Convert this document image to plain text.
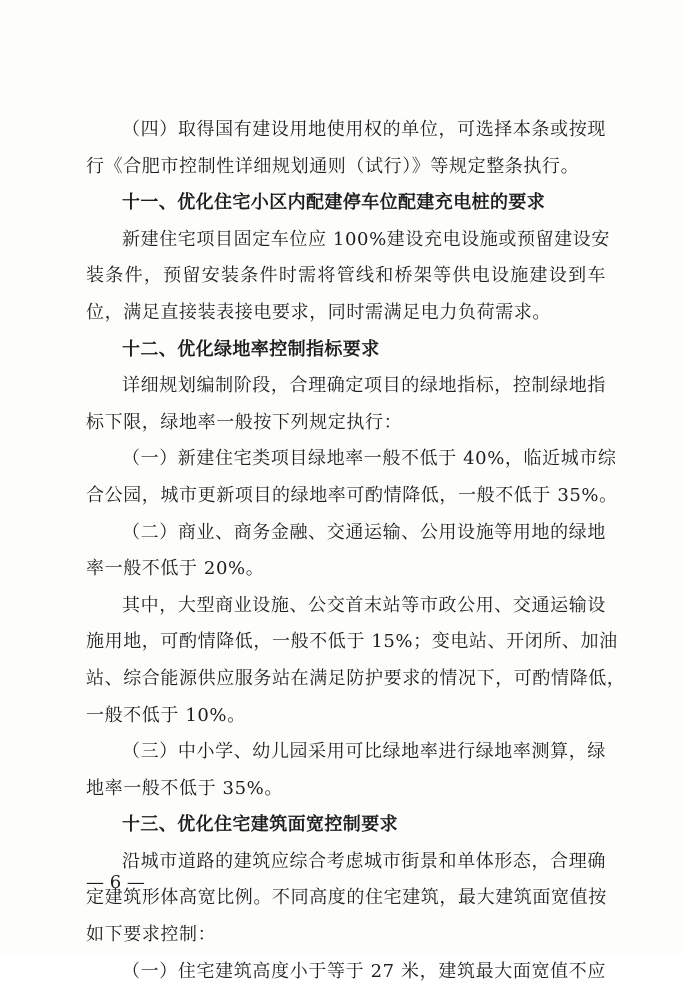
（四）取得国有建设用地使用权的单位，可选择本条或按现
行《合肥市控制性详细规划通则（试行）》等规定整条执行。
十一、优化住宅小区内配建停车位配建充电桩的要求
新建住宅项目固定车位应 100%建设充电设施或预留建设安
装条件，预留安装条件时需将管线和桥架等供电设施建设到车
位，满足直接装表接电要求，同时需满足电力负荷需求。
十二、优化绿地率控制指标要求
详细规划编制阶段，合理确定项目的绿地指标，控制绿地指
标下限，绿地率一般按下列规定执行：
（一）新建住宅类项目绿地率一般不低于 40%，临近城市综
合公园，城市更新项目的绿地率可酌情降低，一般不低于 35%。
（二）商业、商务金融、交通运输、公用设施等用地的绿地
率一般不低于 20%。
其中，大型商业设施、公交首末站等市政公用、交通运输设
施用地，可酌情降低，一般不低于 15%；变电站、开闭所、加油
站、综合能源供应服务站在满足防护要求的情况下，可酌情降低，
一般不低于 10%。
（三）中小学、幼儿园采用可比绿地率进行绿地率测算，绿
地率一般不低于 35%。
十三、优化住宅建筑面宽控制要求
沿城市道路的建筑应综合考虑城市街景和单体形态，合理确
定建筑形体高宽比例。不同高度的住宅建筑，最大建筑面宽值按
如下要求控制：
（一）住宅建筑高度小于等于 27 米，建筑最大面宽值不应
— 6 —
